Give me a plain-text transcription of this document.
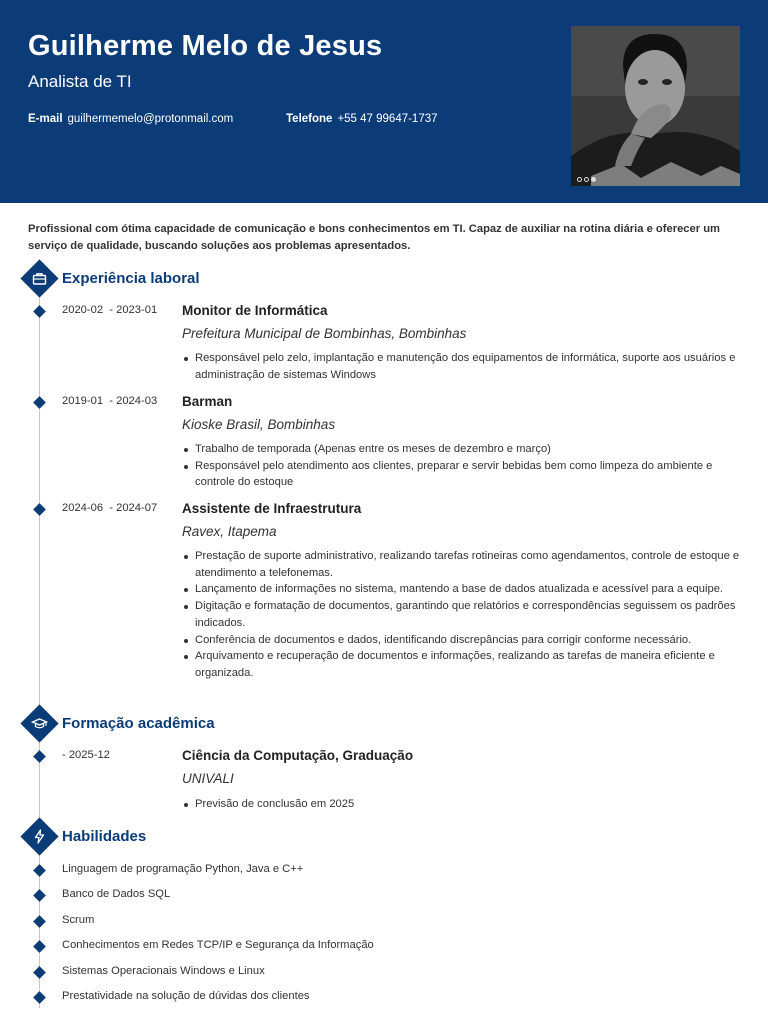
Guilherme Melo de Jesus
Analista de TI
E-mail guilhermemelo@protonmail.com	Telefone +55 47 99647-1737
Profissional com ótima capacidade de comunicação e bons conhecimentos em TI. Capaz de auxiliar na rotina diária e oferecer um serviço de qualidade, buscando soluções aos problemas apresentados.
Experiência laboral
2020-02  - 2023-01 Monitor de Informática
Prefeitura Municipal de Bombinhas, Bombinhas
Responsável pelo zelo, implantação e manutenção dos equipamentos de informática, suporte aos usuários e administração de sistemas Windows
2019-01  - 2024-03 Barman
Kioske Brasil, Bombinhas
Trabalho de temporada (Apenas entre os meses de dezembro e março)
Responsável pelo atendimento aos clientes, preparar e servir bebidas bem como limpeza do ambiente e controle do estoque
2024-06  - 2024-07 Assistente de Infraestrutura
Ravex, Itapema
Prestação de suporte administrativo, realizando tarefas rotineiras como agendamentos, controle de estoque e atendimento a telefonemas.
Lançamento de informações no sistema, mantendo a base de dados atualizada e acessível para a equipe.
Digitação e formatação de documentos, garantindo que relatórios e correspondências seguissem os padrões indicados.
Conferência de documentos e dados, identificando discrepâncias para corrigir conforme necessário.
Arquivamento e recuperação de documentos e informações, realizando as tarefas de maneira eficiente e organizada.
Formação acadêmica
- 2025-12	Ciência da Computação, Graduação
UNIVALI
Previsão de conclusão em 2025
Habilidades
Linguagem de programação Python, Java e C++
Banco de Dados SQL
Scrum
Conhecimentos em Redes TCP/IP e Segurança da Informação
Sistemas Operacionais Windows e Linux
Prestatividade na solução de dúvidas dos clientes
